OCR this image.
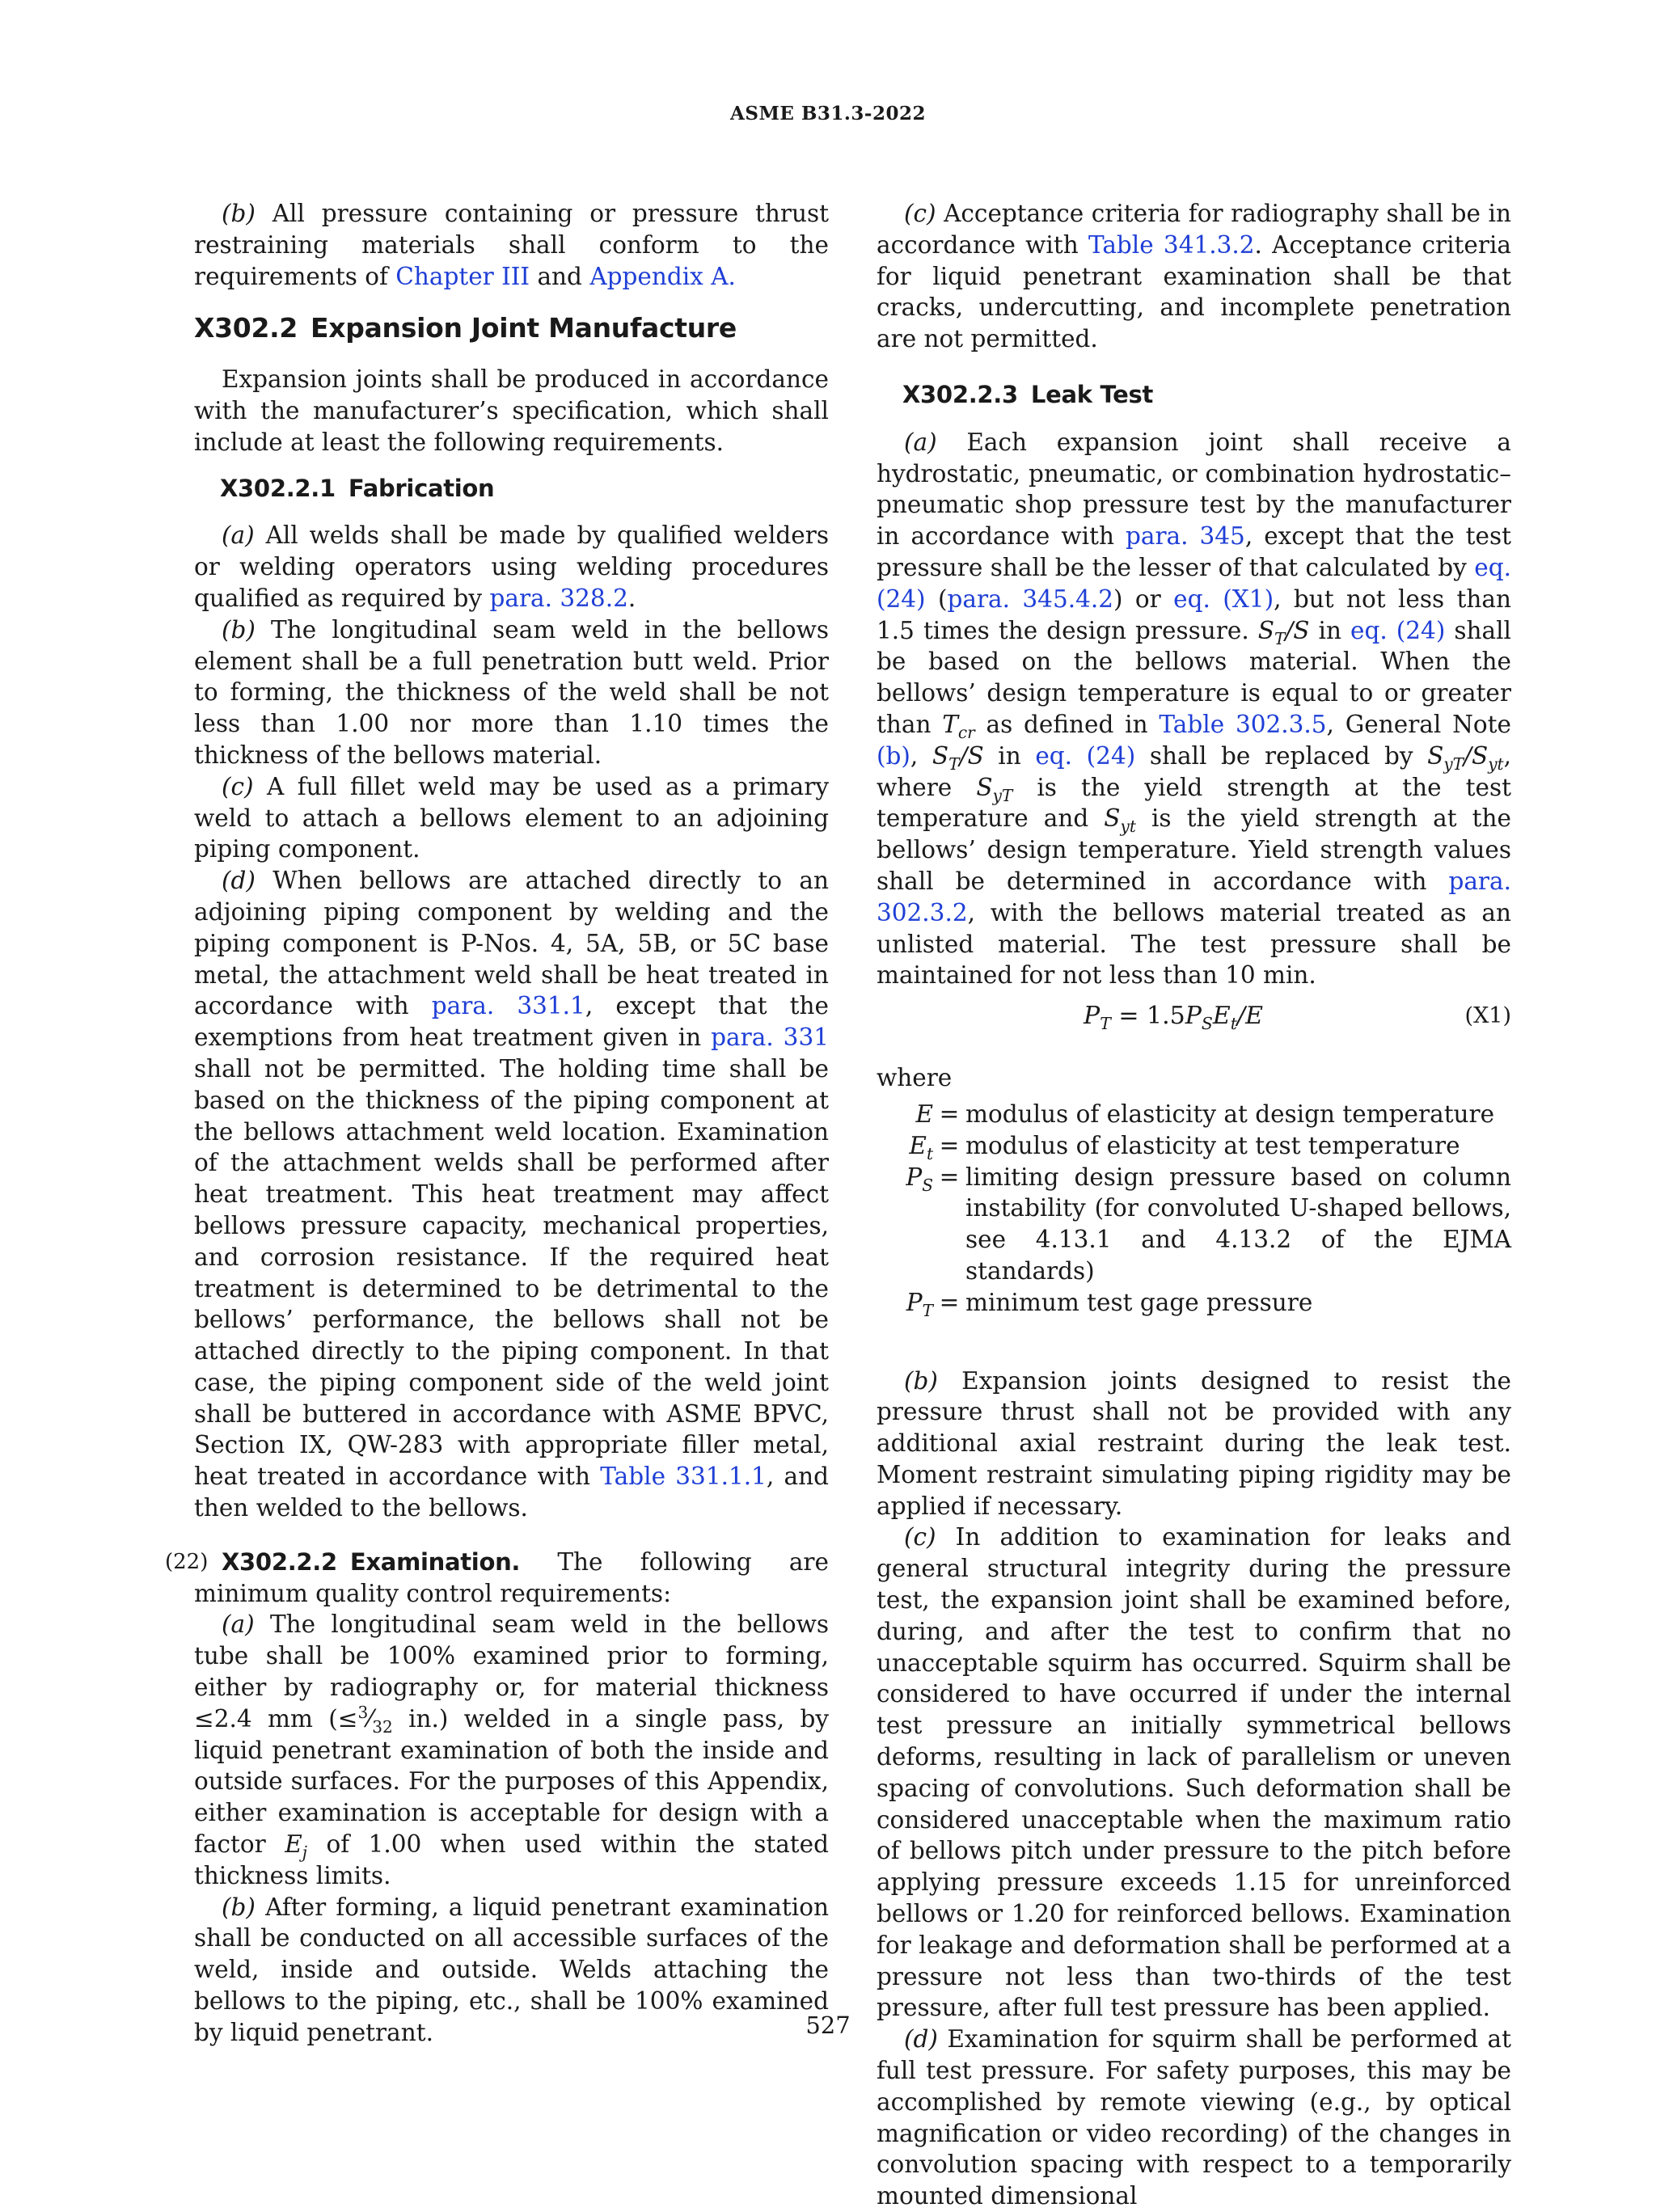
ASME B31.3-2022

(b) All pressure containing or pressure thrust restraining materials shall conform to the requirements of Chapter III and Appendix A.

X302.2 Expansion Joint Manufacture

Expansion joints shall be produced in accordance with the manufacturer’s specification, which shall include at least the following requirements.

X302.2.1 Fabrication

(a) All welds shall be made by qualified welders or welding operators using welding procedures qualified as required by para. 328.2.

(b) The longitudinal seam weld in the bellows element shall be a full penetration butt weld. Prior to forming, the thickness of the weld shall be not less than 1.00 nor more than 1.10 times the thickness of the bellows material.

(c) A full fillet weld may be used as a primary weld to attach a bellows element to an adjoining piping component.

(d) When bellows are attached directly to an adjoining piping component by welding and the piping component is P-Nos. 4, 5A, 5B, or 5C base metal, the attachment weld shall be heat treated in accordance with para. 331.1, except that the exemptions from heat treatment given in para. 331 shall not be permitted. The holding time shall be based on the thickness of the piping component at the bellows attachment weld location. Examination of the attachment welds shall be performed after heat treatment. This heat treatment may affect bellows pressure capacity, mechanical properties, and corrosion resistance. If the required heat treatment is determined to be detrimental to the bellows’ performance, the bellows shall not be attached directly to the piping component. In that case, the piping component side of the weld joint shall be buttered in accordance with ASME BPVC, Section IX, QW-283 with appropriate filler metal, heat treated in accordance with Table 331.1.1, and then welded to the bellows.

(22) X302.2.2 Examination. The following are minimum quality control requirements:

(a) The longitudinal seam weld in the bellows tube shall be 100% examined prior to forming, either by radiography or, for material thickness ≤2.4 mm ($\le^3⁄_{32}$ in.) welded in a single pass, by liquid penetrant examination of both the inside and outside surfaces. For the purposes of this Appendix, either examination is acceptable for design with a factor $E_j$ of 1.00 when used within the stated thickness limits.

(b) After forming, a liquid penetrant examination shall be conducted on all accessible surfaces of the weld, inside and outside. Welds attaching the bellows to the piping, etc., shall be 100% examined by liquid penetrant.

(c) Acceptance criteria for radiography shall be in accordance with Table 341.3.2. Acceptance criteria for liquid penetrant examination shall be that cracks, undercutting, and incomplete penetration are not permitted.

X302.2.3 Leak Test

(a) Each expansion joint shall receive a hydrostatic, pneumatic, or combination hydrostatic–pneumatic shop pressure test by the manufacturer in accordance with para. 345, except that the test pressure shall be the lesser of that calculated by eq. (24) (para. 345.4.2) or eq. (X1), but not less than 1.5 times the design pressure. $S_T/S$ in eq. (24) shall be based on the bellows material. When the bellows’ design temperature is equal to or greater than $T_{cr}$ as defined in Table 302.3.5, General Note (b), $S_T/S$ in eq. (24) shall be replaced by $S_{yT}/S_{yt}$, where $S_{yT}$ is the yield strength at the test temperature and $S_{yt}$ is the yield strength at the bellows’ design temperature. Yield strength values shall be determined in accordance with para. 302.3.2, with the bellows material treated as an unlisted material. The test pressure shall be maintained for not less than 10 min.

$P_T = 1.5P_SE_t/E$	(X1)

where

E = modulus of elasticity at design temperature
$E_t$ = modulus of elasticity at test temperature
$P_S$ = limiting design pressure based on column instability (for convoluted U-shaped bellows, see 4.13.1 and 4.13.2 of the EJMA standards)
$P_T$ = minimum test gage pressure

(b) Expansion joints designed to resist the pressure thrust shall not be provided with any additional axial restraint during the leak test. Moment restraint simulating piping rigidity may be applied if necessary.

(c) In addition to examination for leaks and general structural integrity during the pressure test, the expansion joint shall be examined before, during, and after the test to confirm that no unacceptable squirm has occurred. Squirm shall be considered to have occurred if under the internal test pressure an initially symmetrical bellows deforms, resulting in lack of parallelism or uneven spacing of convolutions. Such deformation shall be considered unacceptable when the maximum ratio of bellows pitch under pressure to the pitch before applying pressure exceeds 1.15 for unreinforced bellows or 1.20 for reinforced bellows. Examination for leakage and deformation shall be performed at a pressure not less than two-thirds of the test pressure, after full test pressure has been applied.

(d) Examination for squirm shall be performed at full test pressure. For safety purposes, this may be accomplished by remote viewing (e.g., by optical magnification or video recording) of the changes in convolution spacing with respect to a temporarily mounted dimensional

527
